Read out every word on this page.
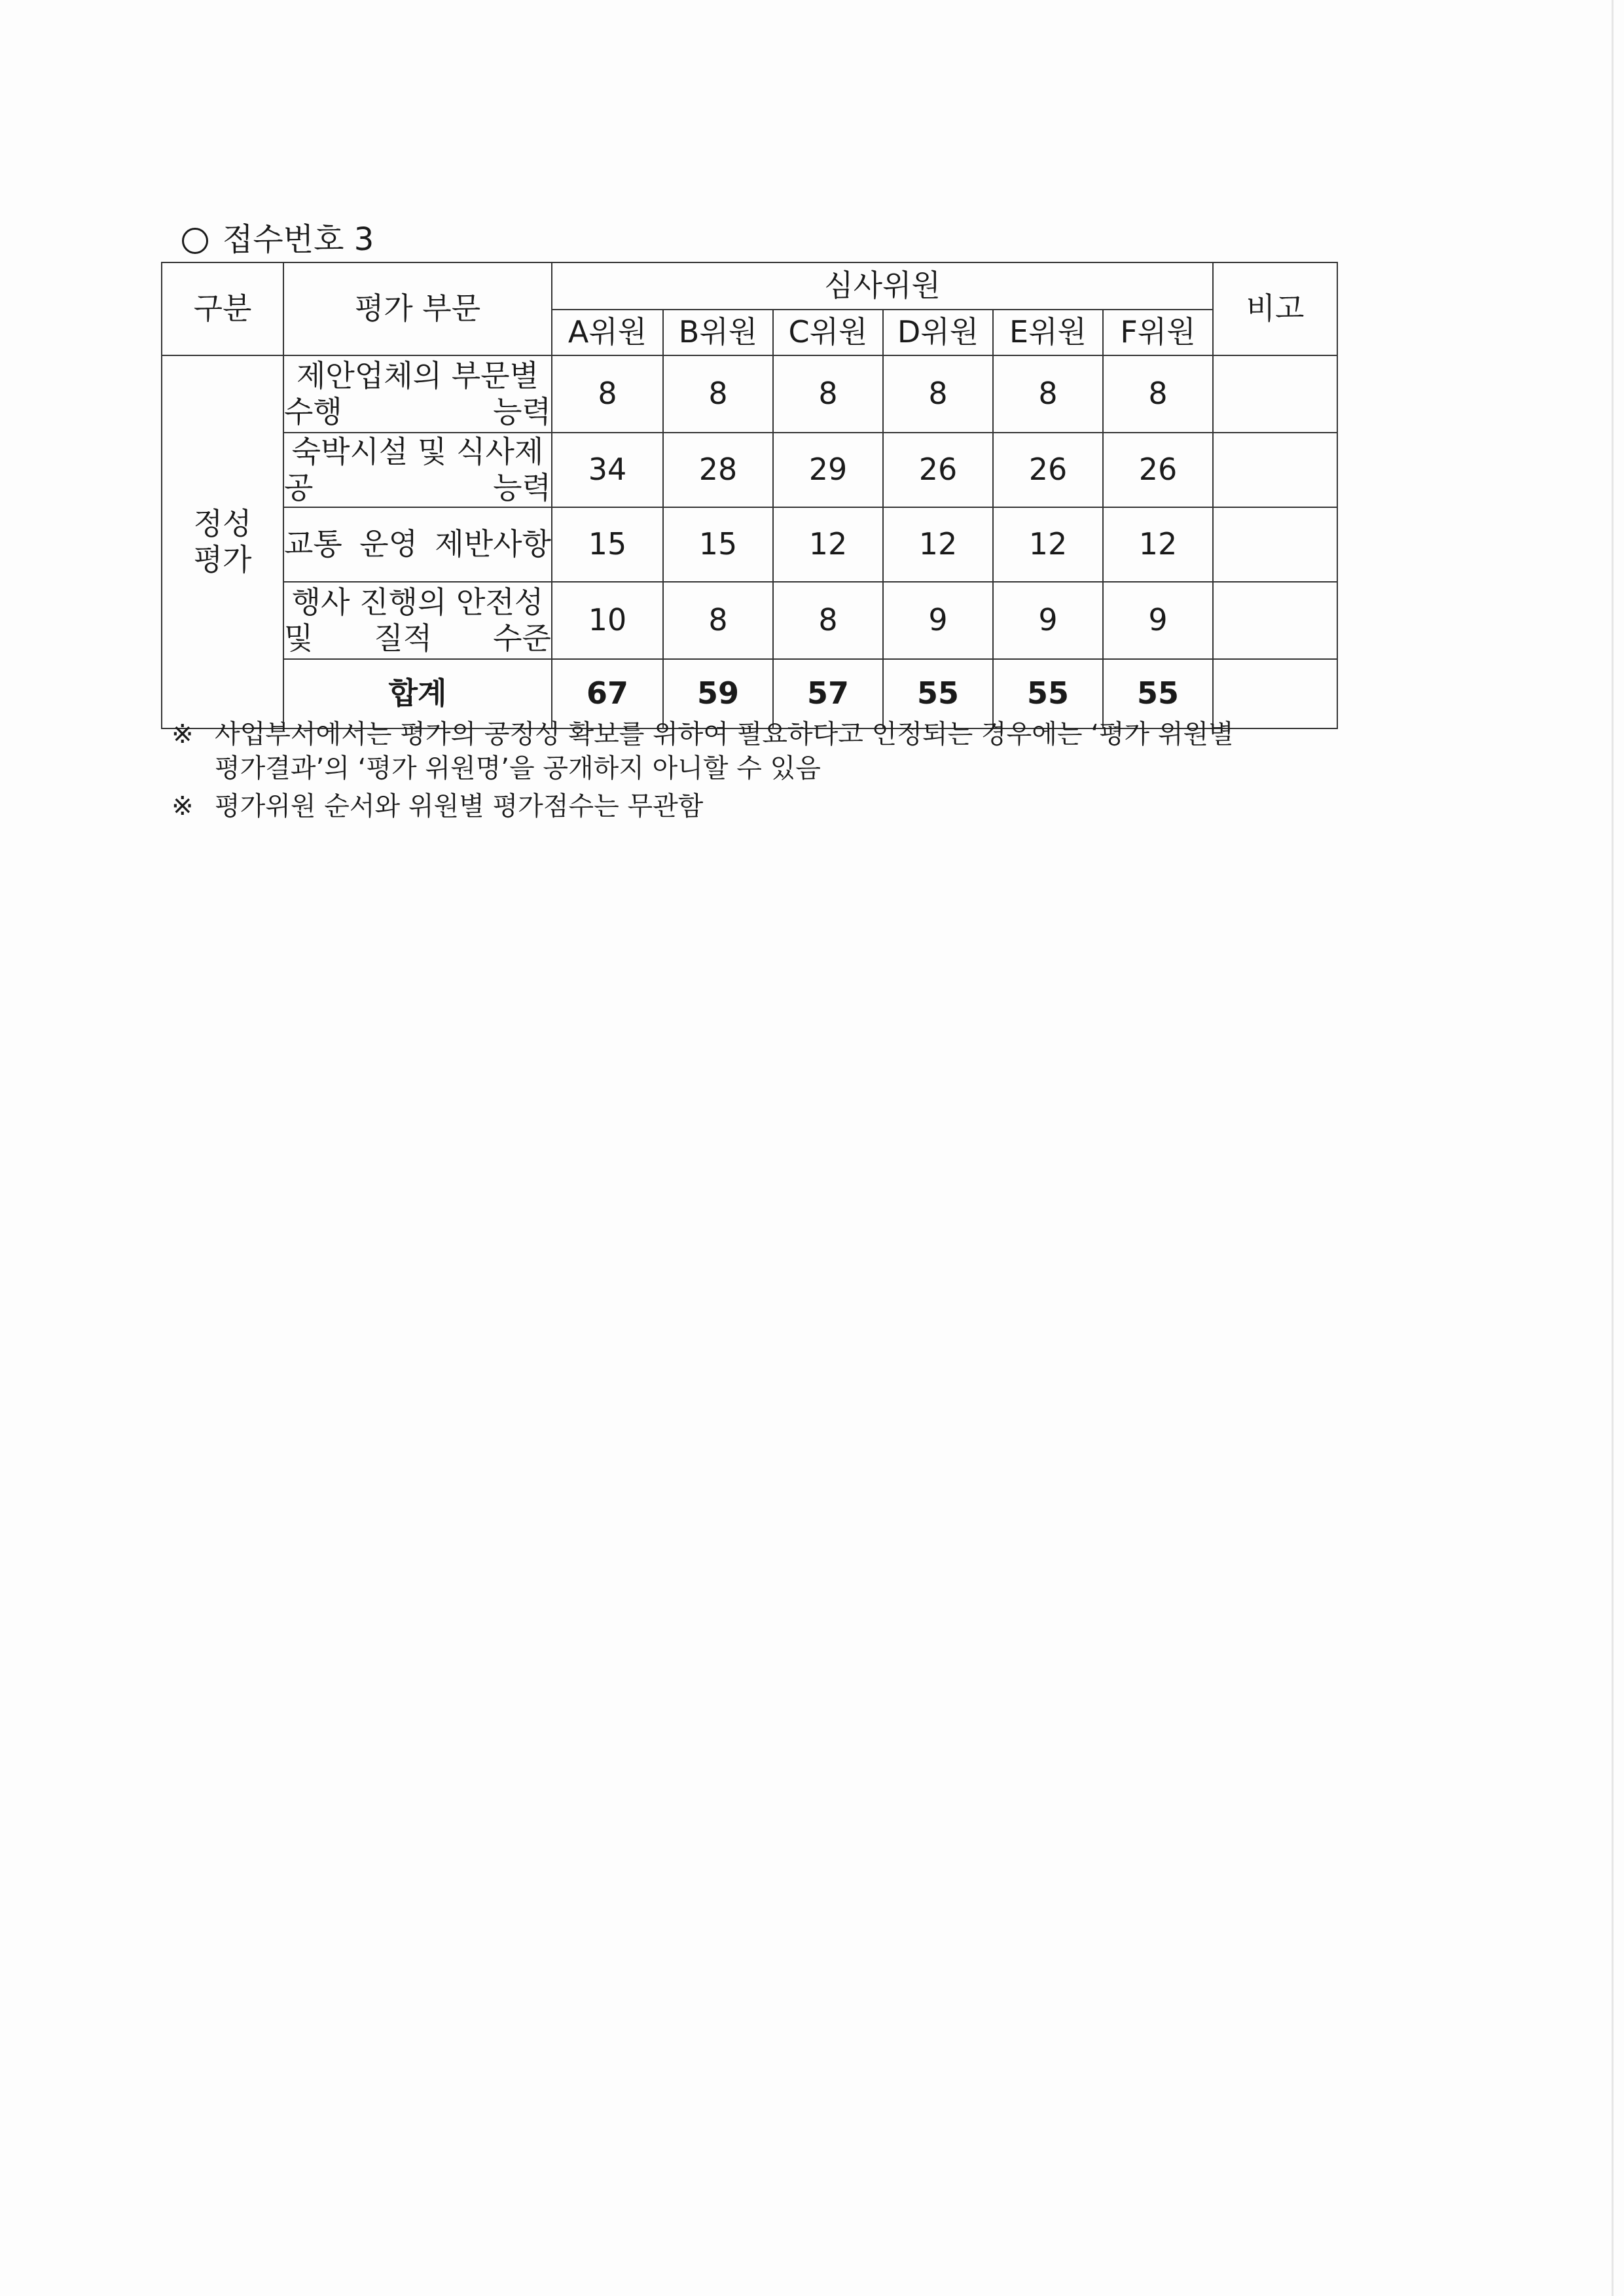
접수번호 3
구분	평가 부문	심사위원						비고
		A위원	B위원	C위원	D위원	E위원	F위원	
정성
평가	제안업체의 부문별 수행 능력	8	8	8	8	8	8	
	숙박시설 및 식사제공 능력	34	28	29	26	26	26	
	교통 운영 제반사항	15	15	12	12	12	12	
	행사 진행의 안전성 및 질적 수준	10	8	8	9	9	9	
	합계	67	59	57	55	55	55	
※ 사업부서에서는 평가의 공정성 확보를 위하여 필요하다고 인정되는 경우에는 ‘평가 위원별
평가결과’의 ‘평가 위원명’을 공개하지 아니할 수 있음
※ 평가위원 순서와 위원별 평가점수는 무관함
